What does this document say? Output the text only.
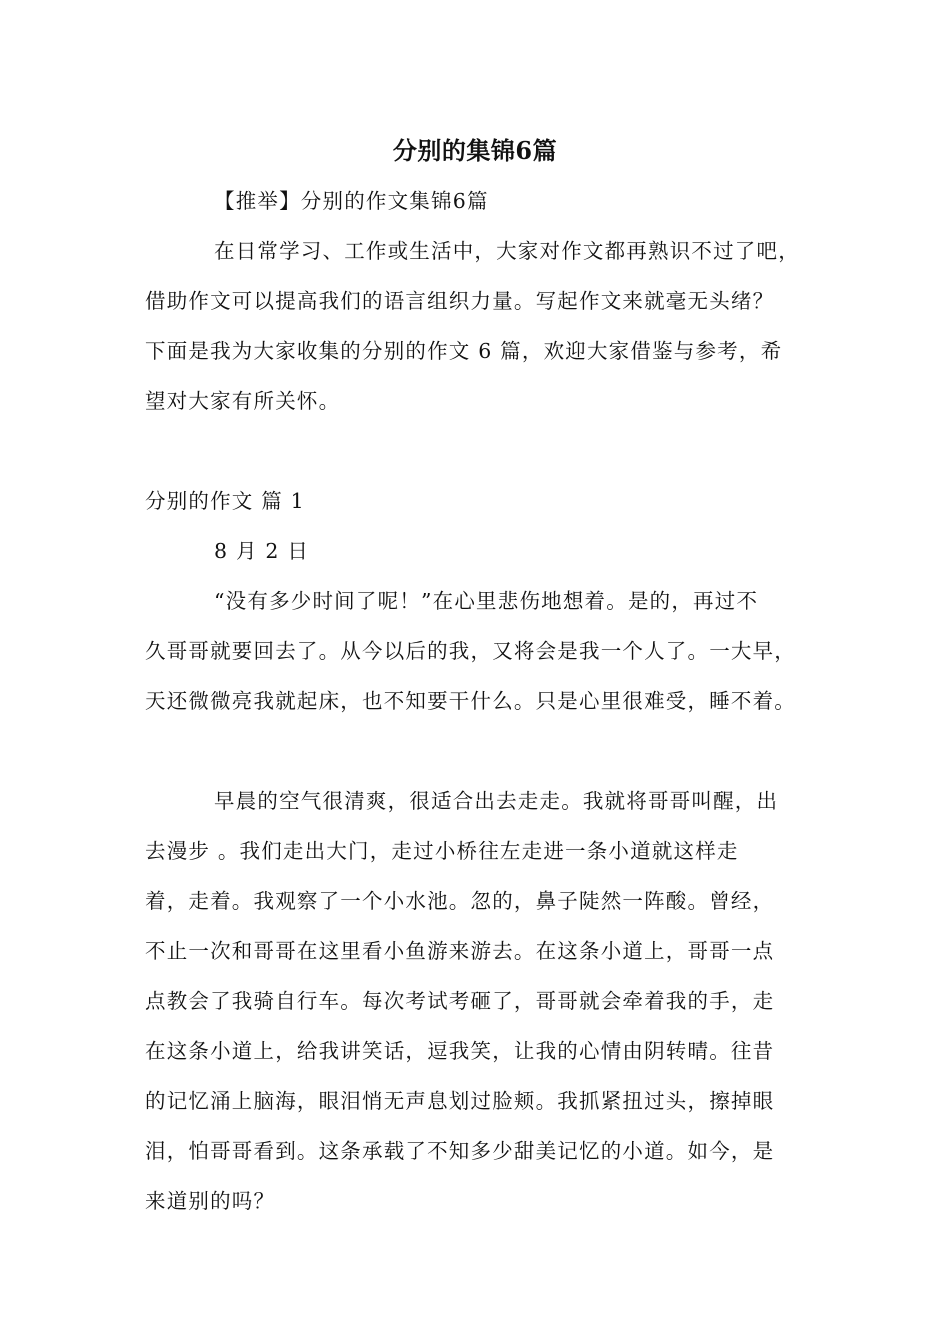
分别的集锦6篇
【推举】分别的作文集锦6篇
在日常学习、工作或生活中，大家对作文都再熟识不过了吧，
借助作文可以提高我们的语言组织力量。写起作文来就毫无头绪？
下面是我为大家收集的分别的作文 6 篇，欢迎大家借鉴与参考，希
望对大家有所关怀。
分别的作文 篇 1
8 月 2 日
“没有多少时间了呢！”在心里悲伤地想着。是的，再过不
久哥哥就要回去了。从今以后的我，又将会是我一个人了。一大早，
天还微微亮我就起床，也不知要干什么。只是心里很难受，睡不着。
早晨的空气很清爽，很适合出去走走。我就将哥哥叫醒，出
去漫步 。我们走出大门，走过小桥往左走进一条小道就这样走
着，走着。我观察了一个小水池。忽的，鼻子陡然一阵酸。曾经，
不止一次和哥哥在这里看小鱼游来游去。在这条小道上，哥哥一点
点教会了我骑自行车。每次考试考砸了，哥哥就会牵着我的手，走
在这条小道上，给我讲笑话，逗我笑，让我的心情由阴转晴。往昔
的记忆涌上脑海，眼泪悄无声息划过脸颊。我抓紧扭过头，擦掉眼
泪，怕哥哥看到。这条承载了不知多少甜美记忆的小道。如今，是
来道别的吗？
